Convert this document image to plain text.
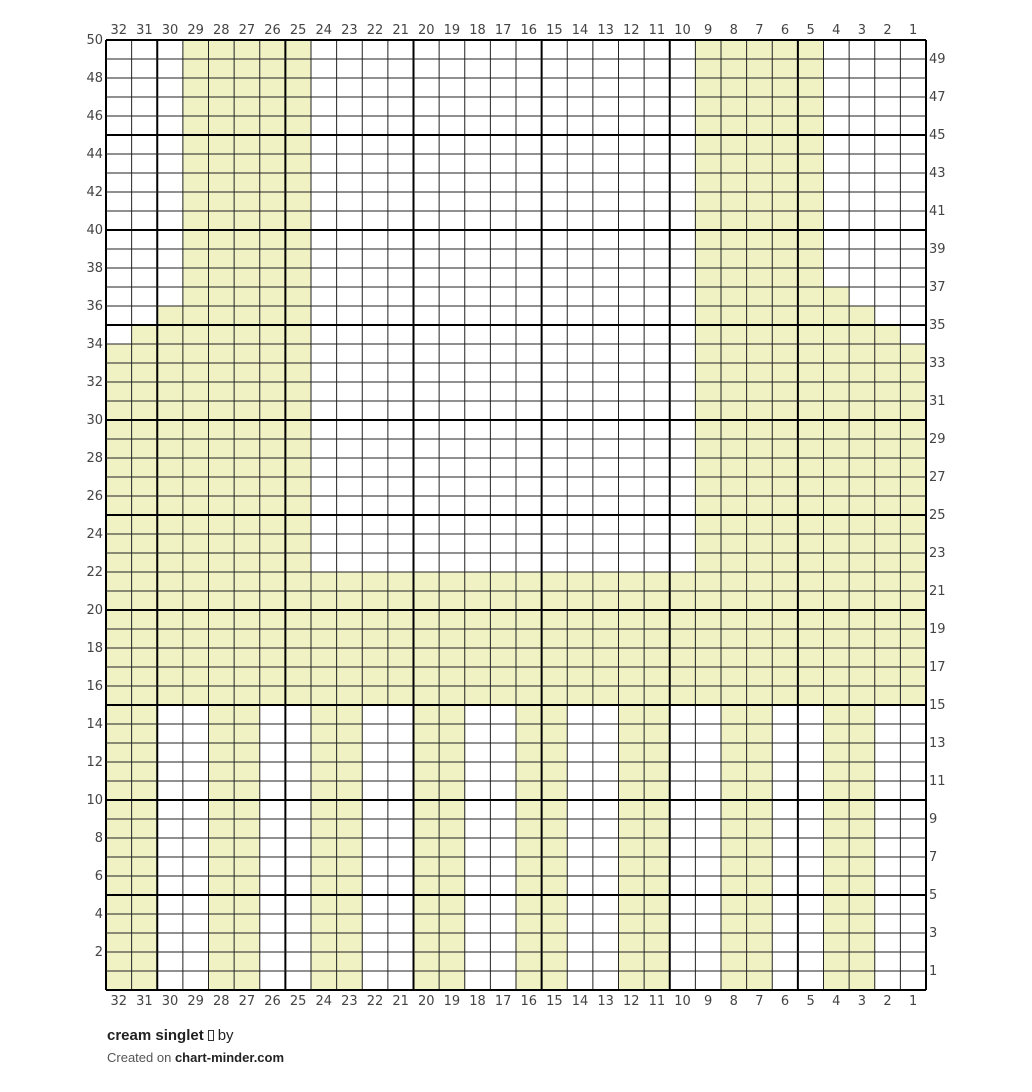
32 31 30 29 28 27 26 25 24 23 22 21 20 19 18 17 16 15 14 13 12 11 10 9 8 7 6 5 4 3 2 1
32 31 30 29 28 27 26 25 24 23 22 21 20 19 18 17 16 15 14 13 12 11 10 9 8 7 6 5 4 3 2 1
2
4
6
8
10
12
14
16
18
20
22
24
26
28
30
32
34
36
38
40
42
44
46
48
50
1
3
5
7
9
11
13
15
17
19
21
23
25
27
29
31
33
35
37
39
41
43
45
47
49
cream singlet by
Created on chart-minder.com
